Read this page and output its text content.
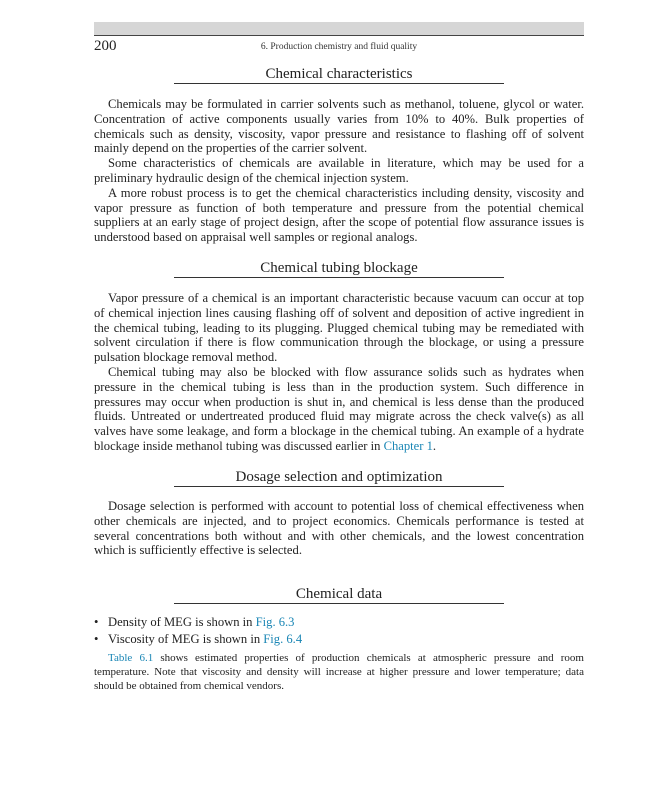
200	6. Production chemistry and fluid quality
Chemical characteristics
Chemicals may be formulated in carrier solvents such as methanol, toluene, glycol or water. Concentration of active components usually varies from 10% to 40%. Bulk properties of chemicals such as density, viscosity, vapor pressure and resistance to flashing off of solvent mainly depend on the properties of the carrier solvent.
Some characteristics of chemicals are available in literature, which may be used for a preliminary hydraulic design of the chemical injection system.
A more robust process is to get the chemical characteristics including density, viscosity and vapor pressure as function of both temperature and pressure from the potential chemical suppliers at an early stage of project design, after the scope of potential flow assurance issues is understood based on appraisal well samples or regional analogs.
Chemical tubing blockage
Vapor pressure of a chemical is an important characteristic because vacuum can occur at top of chemical injection lines causing flashing off of solvent and deposition of active ingredient in the chemical tubing, leading to its plugging. Plugged chemical tubing may be remediated with solvent circulation if there is flow communication through the blockage, or using a pressure pulsation blockage removal method.
Chemical tubing may also be blocked with flow assurance solids such as hydrates when pressure in the chemical tubing is less than in the production system. Such difference in pressures may occur when production is shut in, and chemical is less dense than the produced fluids. Untreated or undertreated produced fluid may migrate across the check valve(s) as all valves have some leakage, and form a blockage in the chemical tubing. An example of a hydrate blockage inside methanol tubing was discussed earlier in Chapter 1.
Dosage selection and optimization
Dosage selection is performed with account to potential loss of chemical effectiveness when other chemicals are injected, and to project economics. Chemicals performance is tested at several concentrations both without and with other chemicals, and the lowest concentration which is sufficiently effective is selected.
Chemical data
• Density of MEG is shown in Fig. 6.3
• Viscosity of MEG is shown in Fig. 6.4
Table 6.1 shows estimated properties of production chemicals at atmospheric pressure and room temperature. Note that viscosity and density will increase at higher pressure and lower temperature; data should be obtained from chemical vendors.
